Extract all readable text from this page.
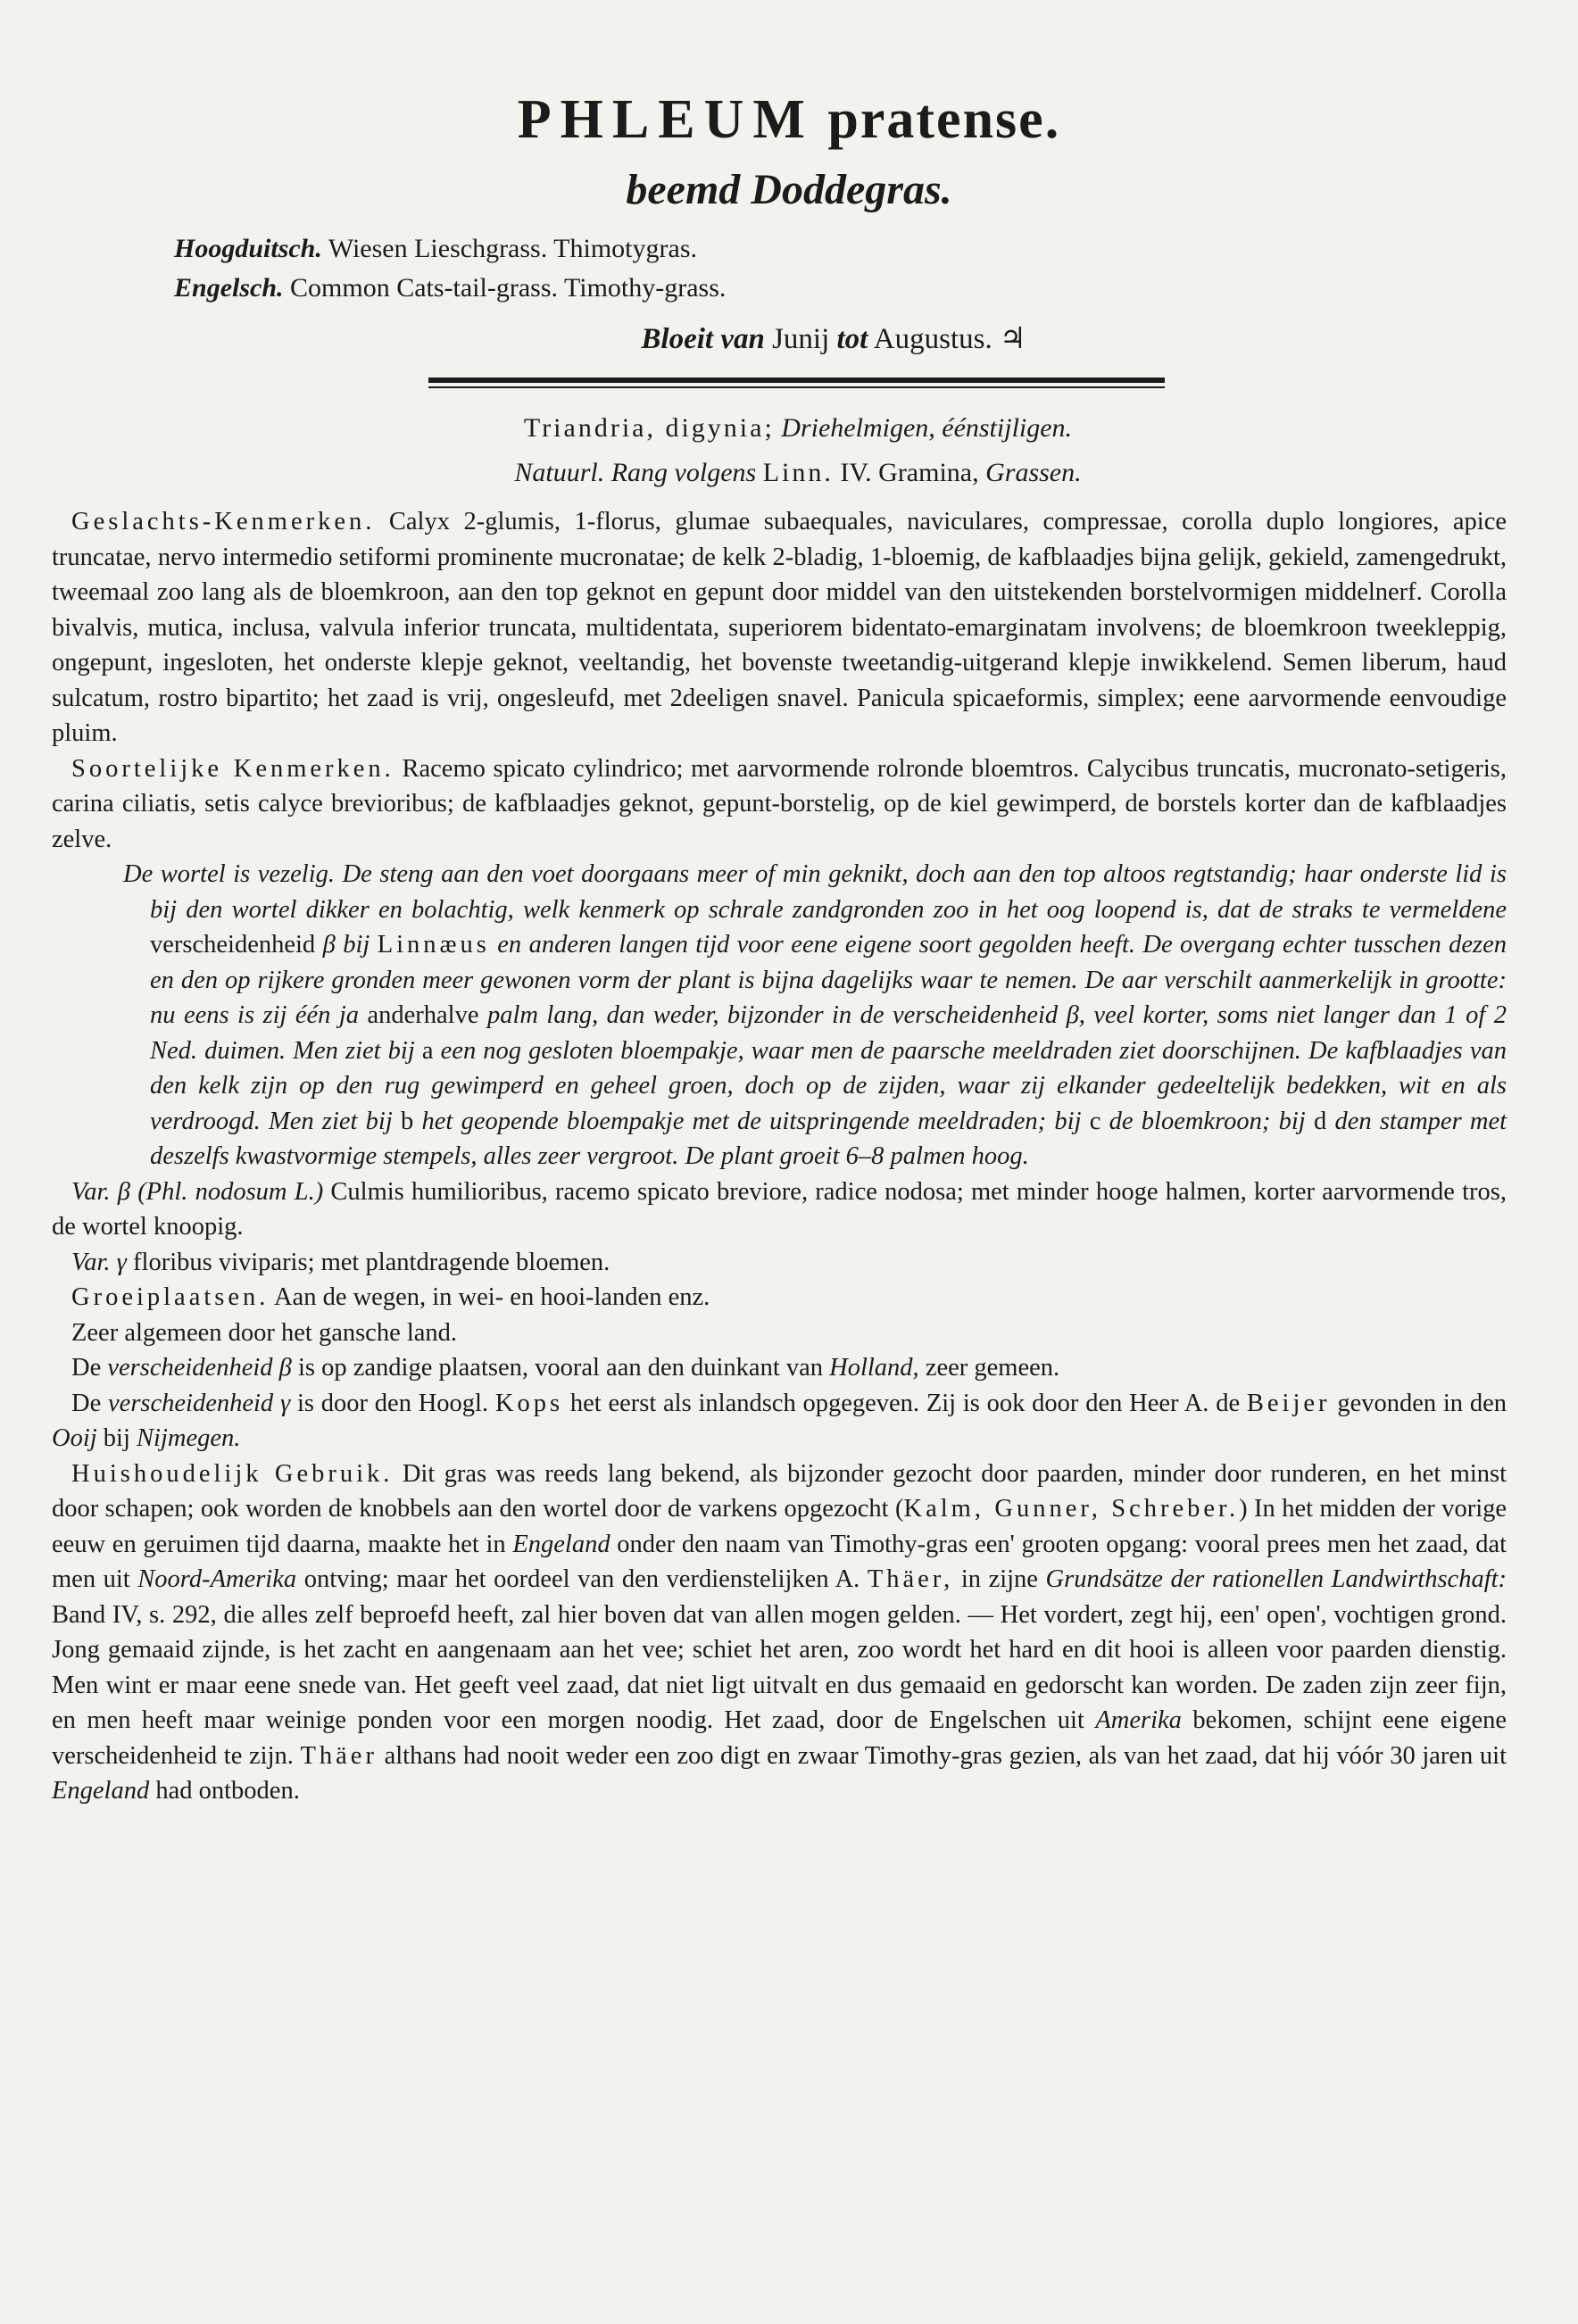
PHLEUM pratense.
beemd Doddegras.
Hoogduitsch. Wiesen Lieschgrass. Thimotygras.
Engelsch. Common Cats-tail-grass. Timothy-grass.
Bloeit van Junij tot Augustus. ♃
Triandria, digynia; Driehelmigen, éénstijligen.
Natuurl. Rang volgens Linn. IV. Gramina, Grassen.

Geslachts-Kenmerken. Calyx 2-glumis, 1-florus, glumae subaequales, naviculares, compressae, corolla duplo longiores, apice truncatae, nervo intermedio setiformi prominente mucronatae; de kelk 2-bladig, 1-bloemig, de kafblaadjes bijna gelijk, gekield, zamengedrukt, tweemaal zoo lang als de bloemkroon, aan den top geknot en gepunt door middel van den uitstekenden borstelvormigen middelnerf. Corolla bivalvis, mutica, inclusa, valvula inferior truncata, multidentata, superiorem bidentato-emarginatam involvens; de bloemkroon tweekleppig, ongepunt, ingesloten, het onderste klepje geknot, veeltandig, het bovenste tweetandig-uitgerand klepje inwikkelend. Semen liberum, haud sulcatum, rostro bipartito; het zaad is vrij, ongesleufd, met 2deeligen snavel. Panicula spicaeformis, simplex; eene aarvormende eenvoudige pluim.

Soortelijke Kenmerken. Racemo spicato cylindrico; met aarvormende rolronde bloemtros. Calycibus truncatis, mucronato-setigeris, carina ciliatis, setis calyce brevioribus; de kafblaadjes geknot, gepunt-borstelig, op de kiel gewimperd, de borstels korter dan de kafblaadjes zelve.

De wortel is vezelig. De steng aan den voet doorgaans meer of min geknikt, doch aan den top altoos regtstandig; haar onderste lid is bij den wortel dikker en bolachtig, welk kenmerk op schrale zandgronden zoo in het oog loopend is, dat de straks te vermeldene verscheidenheid β bij Linnæus en anderen langen tijd voor eene eigene soort gegolden heeft. De overgang echter tusschen dezen en den op rijkere gronden meer gewonen vorm der plant is bijna dagelijks waar te nemen. De aar verschilt aanmerkelijk in grootte: nu eens is zij één ja anderhalve palm lang, dan weder, bijzonder in de verscheidenheid β, veel korter, soms niet langer dan 1 of 2 Ned. duimen. Men ziet bij a een nog gesloten bloempakje, waar men de paarsche meeldraden ziet doorschijnen. De kafblaadjes van den kelk zijn op den rug gewimperd en geheel groen, doch op de zijden, waar zij elkander gedeeltelijk bedekken, wit en als verdroogd. Men ziet bij b het geopende bloempakje met de uitspringende meeldraden; bij c de bloemkroon; bij d den stamper met deszelfs kwastvormige stempels, alles zeer vergroot. De plant groeit 6–8 palmen hoog.

Var. β (Phl. nodosum L.) Culmis humilioribus, racemo spicato breviore, radice nodosa; met minder hooge halmen, korter aarvormende tros, de wortel knoopig.

Var. γ floribus viviparis; met plantdragende bloemen.

Groeiplaatsen. Aan de wegen, in wei- en hooi-landen enz.

Zeer algemeen door het gansche land.

De verscheidenheid β is op zandige plaatsen, vooral aan den duinkant van Holland, zeer gemeen.

De verscheidenheid γ is door den Hoogl. Kops het eerst als inlandsch opgegeven. Zij is ook door den Heer A. de Beijer gevonden in den Ooij bij Nijmegen.

Huishoudelijk Gebruik. Dit gras was reeds lang bekend, als bijzonder gezocht door paarden, minder door runderen, en het minst door schapen; ook worden de knobbels aan den wortel door de varkens opgezocht (Kalm, Gunner, Schreber.) In het midden der vorige eeuw en geruimen tijd daarna, maakte het in Engeland onder den naam van Timothy-gras een' grooten opgang: vooral prees men het zaad, dat men uit Noord-Amerika ontving; maar het oordeel van den verdienstelijken A. Thäer, in zijne Grundsätze der rationellen Landwirthschaft: Band IV, s. 292, die alles zelf beproefd heeft, zal hier boven dat van allen mogen gelden. — Het vordert, zegt hij, een' open', vochtigen grond. Jong gemaaid zijnde, is het zacht en aangenaam aan het vee; schiet het aren, zoo wordt het hard en dit hooi is alleen voor paarden dienstig. Men wint er maar eene snede van. Het geeft veel zaad, dat niet ligt uitvalt en dus gemaaid en gedorscht kan worden. De zaden zijn zeer fijn, en men heeft maar weinige ponden voor een morgen noodig. Het zaad, door de Engelschen uit Amerika bekomen, schijnt eene eigene verscheidenheid te zijn. Thäer althans had nooit weder een zoo digt en zwaar Timothy-gras gezien, als van het zaad, dat hij vóór 30 jaren uit Engeland had ontboden.
